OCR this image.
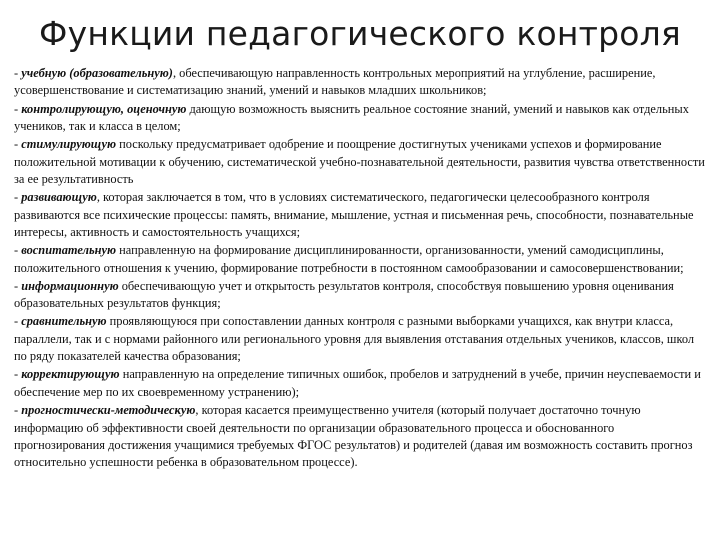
Функции педагогического контроля
- учебную (образовательную), обеспечивающую направленность контрольных мероприятий на углубление, расширение, усовершенствование и систематизацию знаний, умений и навыков младших школьников;
- контролирующую, оценочную дающую возможность выяснить реальное состояние знаний, умений и навыков как отдельных учеников, так и класса в целом;
- стимулирующую поскольку предусматривает одобрение и поощрение достигнутых учениками успехов и формирование положительной мотивации к обучению, систематической учебно-познавательной деятельности, развития чувства ответственности за ее результативность
- развивающую, которая заключается в том, что в условиях систематического, педагогически целесообразного контроля развиваются все психические процессы: память, внимание, мышление, устная и письменная речь, способности, познавательные интересы, активность и самостоятельность учащихся;
- воспитательную направленную на формирование дисциплинированности, организованности, умений самодисциплины, положительного отношения к учению, формирование потребности в постоянном самообразовании и самосовершенствовании;
- информационную обеспечивающую учет и открытость результатов контроля, способствуя повышению уровня оценивания образовательных результатов функция;
- сравнительную проявляющуюся при сопоставлении данных контроля с разными выборками учащихся, как внутри класса, параллели, так и с нормами районного или регионального уровня для выявления отставания отдельных учеников, классов, школ по ряду показателей качества образования;
- корректирующую направленную на определение типичных ошибок, пробелов и затруднений в учебе, причин неуспеваемости и обеспечение мер по их своевременному устранению);
- прогностически-методическую, которая касается преимущественно учителя (который получает достаточно точную информацию об эффективности своей деятельности по организации образовательного процесса и обоснованного прогнозирования достижения учащимися требуемых ФГОС результатов) и родителей (давая им возможность составить прогноз относительно успешности ребенка в образовательном процессе).
